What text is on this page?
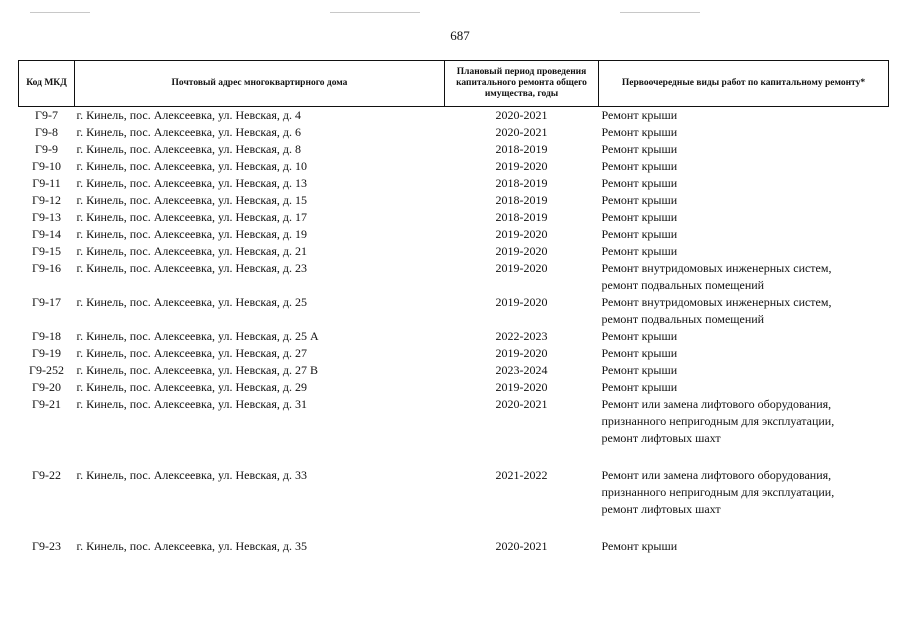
687
Код МКД	Почтовый адрес многоквартирного дома	Плановый период проведения капитального ремонта общего имущества, годы	Первоочередные виды работ по капитальному ремонту*
Г9-7	г. Кинель, пос. Алексеевка, ул. Невская, д. 4	2020-2021	Ремонт крыши

Г9-8	г. Кинель, пос. Алексеевка, ул. Невская, д. 6	2020-2021	Ремонт крыши

Г9-9	г. Кинель, пос. Алексеевка, ул. Невская, д. 8	2018-2019	Ремонт крыши

Г9-10	г. Кинель, пос. Алексеевка, ул. Невская, д. 10	2019-2020	Ремонт крыши

Г9-11	г. Кинель, пос. Алексеевка, ул. Невская, д. 13	2018-2019	Ремонт крыши

Г9-12	г. Кинель, пос. Алексеевка, ул. Невская, д. 15	2018-2019	Ремонт крыши

Г9-13	г. Кинель, пос. Алексеевка, ул. Невская, д. 17	2018-2019	Ремонт крыши

Г9-14	г. Кинель, пос. Алексеевка, ул. Невская, д. 19	2019-2020	Ремонт крыши

Г9-15	г. Кинель, пос. Алексеевка, ул. Невская, д. 21	2019-2020	Ремонт крыши

Г9-16	г. Кинель, пос. Алексеевка, ул. Невская, д. 23	2019-2020	Ремонт внутридомовых инженерных систем,
ремонт подвальных помещений

Г9-17	г. Кинель, пос. Алексеевка, ул. Невская, д. 25	2019-2020	Ремонт внутридомовых инженерных систем,
ремонт подвальных помещений

Г9-18	г. Кинель, пос. Алексеевка, ул. Невская, д. 25 А	2022-2023	Ремонт крыши

Г9-19	г. Кинель, пос. Алексеевка, ул. Невская, д. 27	2019-2020	Ремонт крыши

Г9-252	г. Кинель, пос. Алексеевка, ул. Невская, д. 27 В	2023-2024	Ремонт крыши

Г9-20	г. Кинель, пос. Алексеевка, ул. Невская, д. 29	2019-2020	Ремонт крыши

Г9-21	г. Кинель, пос. Алексеевка, ул. Невская, д. 31	2020-2021	Ремонт или замена лифтового оборудования,
признанного непригодным для эксплуатации,
ремонт лифтовых шахт

Г9-22	г. Кинель, пос. Алексеевка, ул. Невская, д. 33	2021-2022	Ремонт или замена лифтового оборудования,
признанного непригодным для эксплуатации,
ремонт лифтовых шахт

Г9-23	г. Кинель, пос. Алексеевка, ул. Невская, д. 35	2020-2021	Ремонт крыши
